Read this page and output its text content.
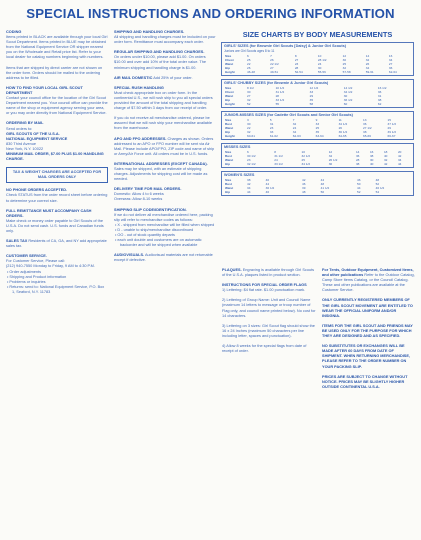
SPECIAL INSTRUCTIONS AND ORDERING INFORMATION
CODING
Items printed in BLACK are available through your local Girl Scout Department. Items printed in BLUE may be obtained from the National Equipment Service OR shipper nearest you on the Wholesale and Retail price list. Refer to your local dealer for catalog numbers beginning with numbers.
Items that are shipped by direct carrier are not shown on the order form. Orders should be mailed to the ordering address to be filled.
HOW TO FIND YOUR LOCAL GIRL SCOUT DEPARTMENT
Contact your council office for the location of the Girl Scout Department nearest you. Your council office can provide the name of the shop or equipment agency serving your area, or you may order directly from National Equipment Service.
ORDERING BY MAIL
Send orders to:
GIRL SCOUTS OF THE U.S.A.
NATIONAL EQUIPMENT SERVICE
830 Third Avenue
New York, N.Y. 10022
MINIMUM MAIL ORDER, $7.00 PLUS $1.00 HANDLING CHARGE.
TAX & WEIGHT CHARGES ARE ACCEPTED FOR MAIL ORDERS ONLY
NO PHONE ORDERS ACCEPTED.
Check STATUS from the order record sheet before ordering to determine your correct size.
FULL REMITTANCE MUST ACCOMPANY CASH ORDERS.
Make check or money order payable to Girl Scouts of the U.S.A. Do not send cash. U.S. funds and Canadian funds only.
SALES TAX Residents of CA, GA, and NY add appropriate sales tax.
CUSTOMER SERVICE.
For Customer Service, Please call:
(212) 940-7550 Monday to Friday, 9 AM to 4:30 P.M.
• Order adjustments
• Shipping and Product information
• Problems or inquiries
• Returns: send to: National Equipment Service, P.O. Box 1, Seaford, N.Y. 11783
SHIPPING AND HANDLING CHARGES.
All shipping and handling charges must be included on your order form. Remittance must accompany each order.
REGULAR SHIPPING AND HANDLING CHARGES.
On orders under $10.00, please add $1.00. On orders $10.00 and over add 10% of the total order value. The minimum shipping and handling charge is $1.00.
AIR MAIL DOMESTIC Add 25% of your order.
SPECIAL RUSH HANDLING
Must check appropriate box on order form. In the continental U.S., we will rush ship to you all special orders provided the amount of the total shipping and handling charge of $7.50 within 3 days from our receipt of order.
If you do not receive all merchandise ordered, please be assured that we will rush ship your merchandise available from the warehouse.
APO AND FPO ADDRESSES. Charges as shown. Orders addressed to an APO or FPO number will be sent via Air Mail. Please include APO/FPO, ZIP code and name of ship or Army/Air Force unit. All orders must be in U.S. funds.
INTERNATIONAL ADDRESSES (EXCEPT CANADA). Sales may be shipped, with an estimate of shipping charges. Adjustments for shipping cost will be made as needed.
DELIVERY TIME FOR MAIL ORDERS.
Domestic: Allow 4 to 6 weeks
Overseas: Allow 8-10 weeks
SHIPPING SLIP CODE/IDENTIFICATION.
If we do not deliver all merchandise ordered here, packing slip will refer to merchandise codes as follows:
• X - shipped from merchandise will be filled when shipped
• D - unable to ship/merchandise discontinued
• OO - out of stock quantity departs
• each unit double and customers are on automatic backorder and will be shipped when available
AUDIOVISUALS. Audiovisual materials are not returnable except if defective.
SIZE CHARTS BY BODY MEASUREMENTS
GIRLS' SIZES (for Brownie Girl Scouts [Daisy] & Junior Girl Scouts)
Juniors are Girl Scouts ages 8 to 11
Size	6	7	8	10	12	14	16
Chest	25	26	27	28 1/2	30	32	34
Waist	22	22 1/2	23	24	25	26	27
Hip	26	27	28	30	32	34	36
Height	46-48	49-51	52-54	55-56	57-58	59-61	62-64
GIRLS' CHUBBY SIZES (for Brownie & Junior Girl Scouts)
Size	8 1/2	10 1/2	12 1/2	14 1/2	16 1/2
Chest	30	31 1/2	33	34 1/2	36
Waist	27	28	29	30	31
Hip	32	33 1/2	35	36 1/2	38
Height	52	55	58	60	62
JUNIOR-MISSES SIZES (for Cadette Girl Scouts and Senior Girl Scouts)
Size	3	5	7	9	11	13	15
Bust	30	31	32	33	34 1/2	36	37 1/2
Waist	22	23	24	25	26	27 1/2	29
Hip	32	33	34	35	36 1/2	38	39 1/2
Height	60-61	61-62	62-63	63-64	64-65	65-66	66-67
MISSES SIZES
Size	6	8	10	12	14	16	18	20
Bust	30 1/2	31 1/2	32 1/2	34	36	38	40	42
Waist	23	24	25	26 1/2	28	30	32	34
Hip	32 1/2	33 1/2	34 1/2	36	38	40	42	44
WOMEN'S SIZES
Size	38	40	42	44	46	48
Bust	42	44	46	48	50	52
Waist	34	36 1/2	39	41 1/2	44	46 1/2
Hip	44	46	48	50	52	54
PLAQUES. Engraving is available through Girl Scouts of the U.S.A. plaques listed in product section.
INSTRUCTIONS FOR SPECIAL ORDER FLAGS
1) Lettering: $4 flat rate. $1.00 punctuation mark.
2) Lettering of Group Name: Unit and Council Name (maximum 14 letters to message or troop number of Flag only, and council name printed below). No cost for 14 characters.
3) Lettering on 3 sizes: Girl Scout flag should show the 16 x 24 Inches (maximum 50 characters per line including letter, spaces and punctuation).
4) Allow 8 weeks for the special flags from date of receipt of order.
For Tents, Outdoor Equipment, Customized Items, and other publications Refer to the Outdoor Catalog, Camp Store Items Catalog, or the Council Catalog. These and other publications are available at the Customer Service.
ONLY CURRENTLY REGISTERED MEMBERS OF THE GIRL SCOUT MOVEMENT ARE ENTITLED TO WEAR THE OFFICIAL UNIFORM AND/OR INSIGNIA.
ITEMS FOR THE GIRL SCOUT AND FRIENDS MAY BE USED ONLY FOR THE PURPOSE FOR WHICH THEY ARE DESIGNED AND AS SPECIFIED.
NO SUBSTITUTES OR EXCHANGES WILL BE MADE AFTER 60 DAYS FROM DATE OF SHIPMENT. WHEN RETURNING MERCHANDISE, PLEASE REFER TO THE ORDER NUMBER ON YOUR PACKING SLIP.
PRICES ARE SUBJECT TO CHANGE WITHOUT NOTICE. PRICES MAY BE SLIGHTLY HIGHER OUTSIDE CONTINENTAL U.S.A.
